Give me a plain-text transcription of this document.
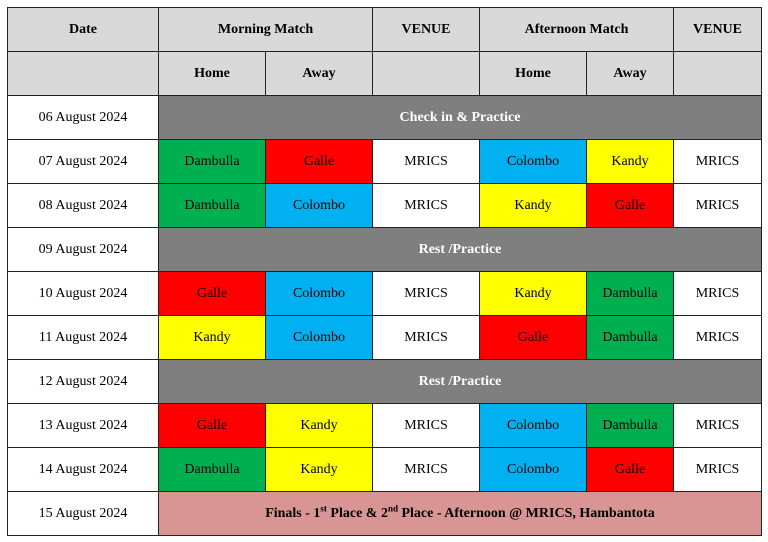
Date	Morning Match		VENUE	Afternoon Match		VENUE
	Home	Away		Home	Away	
06 August 2024	Check in & Practice					
07 August 2024	Dambulla	Galle	MRICS	Colombo	Kandy	MRICS
08 August 2024	Dambulla	Colombo	MRICS	Kandy	Galle	MRICS
09 August 2024	Rest /Practice					
10 August 2024	Galle	Colombo	MRICS	Kandy	Dambulla	MRICS
11 August 2024	Kandy	Colombo	MRICS	Galle	Dambulla	MRICS
12 August 2024	Rest /Practice					
13 August 2024	Galle	Kandy	MRICS	Colombo	Dambulla	MRICS
14 August 2024	Dambulla	Kandy	MRICS	Colombo	Galle	MRICS
15 August 2024	Finals - 1st Place & 2nd Place - Afternoon @ MRICS, Hambantota					
